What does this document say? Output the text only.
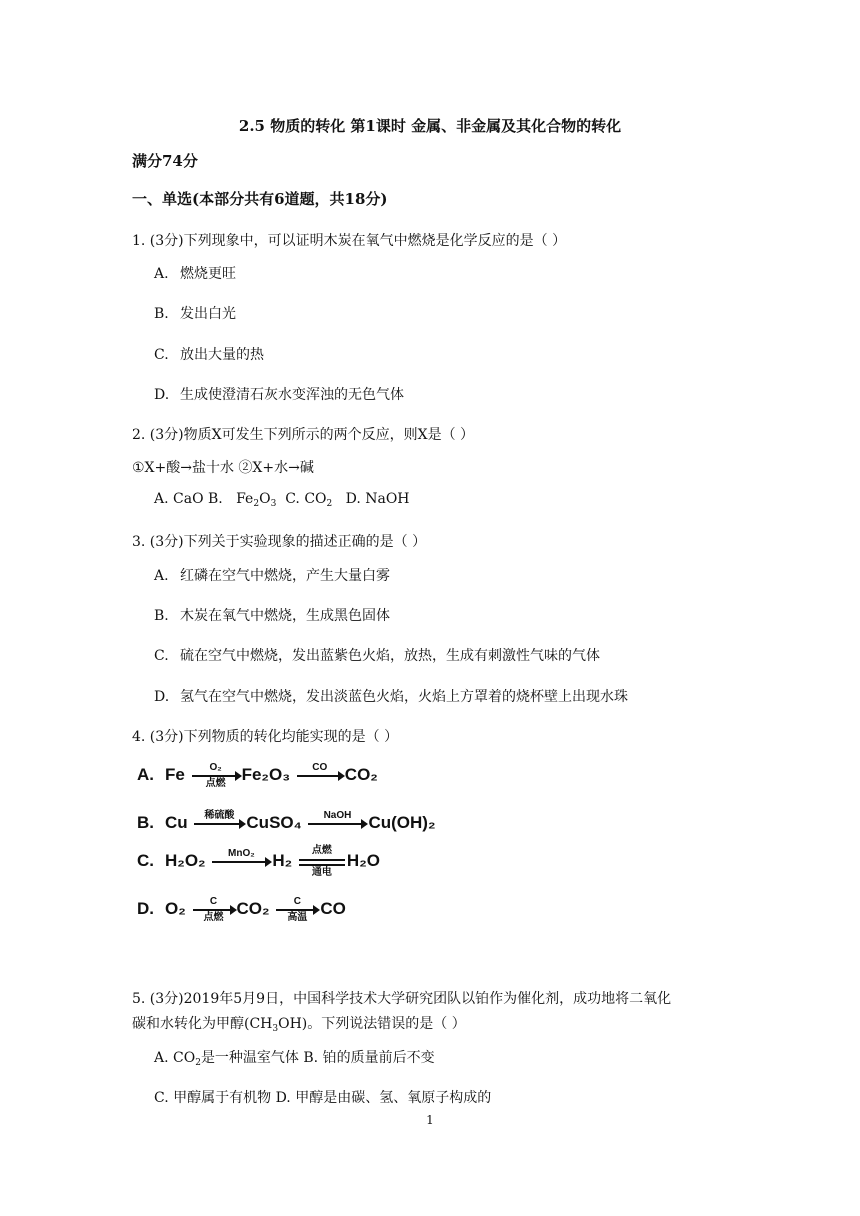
2.5 物质的转化 第1课时 金属、非金属及其化合物的转化
满分74分
一、单选(本部分共有6道题，共18分)
1. (3分)下列现象中，可以证明木炭在氧气中燃烧是化学反应的是（ ）
A. 燃烧更旺
B. 发出白光
C. 放出大量的热
D. 生成使澄清石灰水变浑浊的无色气体
2. (3分)物质X可发生下列所示的两个反应，则X是（ ）
①X+酸→盐十水 ②X+水→碱
A. CaO B. $Fe_2O_3$ C. $CO_2$ D. NaOH
3. (3分)下列关于实验现象的描述正确的是（ ）
A. 红磷在空气中燃烧，产生大量白雾
B. 木炭在氧气中燃烧，生成黑色固体
C. 硫在空气中燃烧，发出蓝紫色火焰，放热，生成有刺激性气味的气体
D. 氢气在空气中燃烧，发出淡蓝色火焰，火焰上方罩着的烧杯壁上出现水珠
4. (3分)下列物质的转化均能实现的是（ ）
A. Fe	O₂
点燃 Fe₂O₃	CO	CO₂
B. Cu	稀硫酸 CuSO₄	NaOH	Cu(OH)₂
C. H₂O₂	MnO₂	H₂
点燃
通电
H₂O
D. O₂	C
点燃 CO₂	C
高温 CO
5. (3分)2019年5月9日，中国科学技术大学研究团队以铂作为催化剂，成功地将二氧化
碳和水转化为甲醇$(CH_3OH)$。下列说法错误的是（ ）
A. $CO_2$是一种温室气体 B. 铂的质量前后不变
C. 甲醇属于有机物 D. 甲醇是由碳、氢、氧原子构成的
1
